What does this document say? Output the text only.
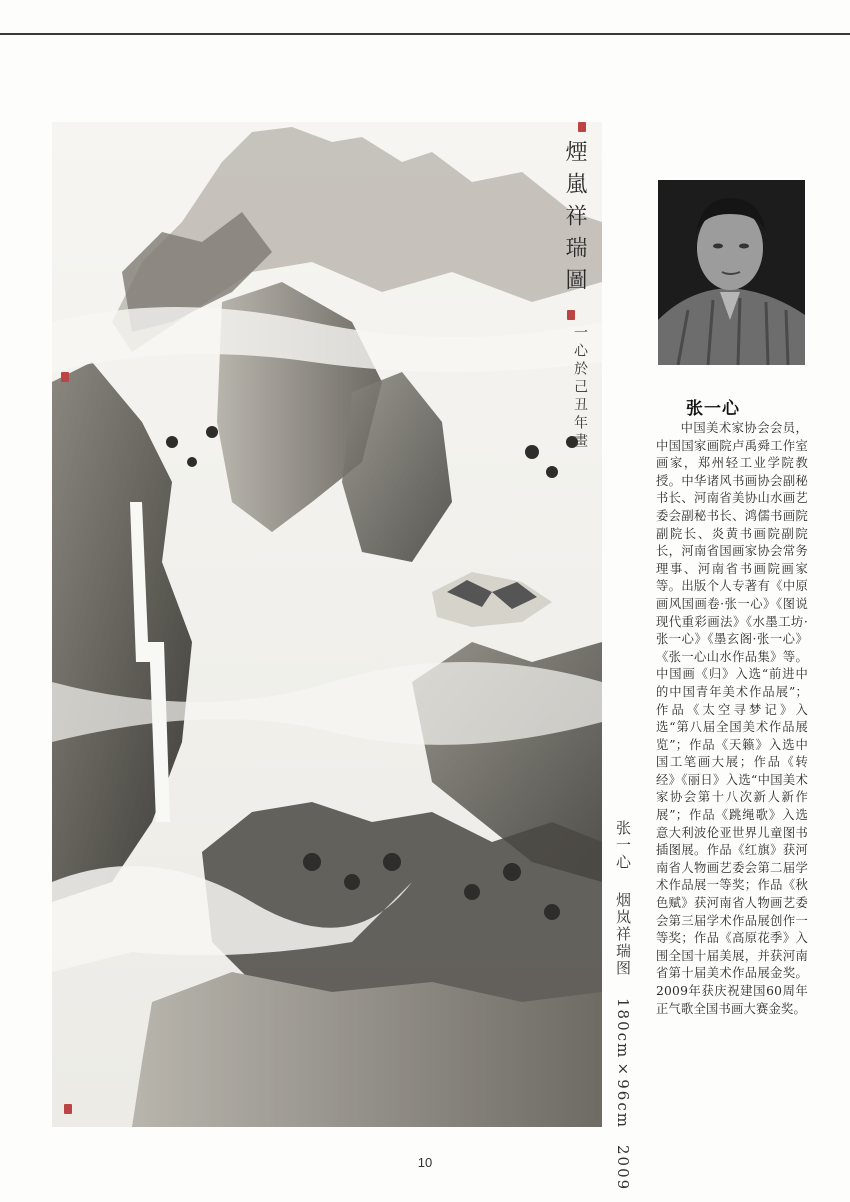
煙嵐祥瑞圖
一心於己丑年畫
张一心 烟岚祥瑞图 180cm×96cm 2009
张一心
中国美术家协会会员，中国国家画院卢禹舜工作室画家，郑州轻工业学院教授。中华诸风书画协会副秘书长、河南省美协山水画艺委会副秘书长、鸿儒书画院副院长、炎黄书画院副院长，河南省国画家协会常务理事、河南省书画院画家等。出版个人专著有《中原画风国画卷·张一心》《图说现代重彩画法》《水墨工坊·张一心》《墨玄阁·张一心》《张一心山水作品集》等。中国画《归》入选“前进中的中国青年美术作品展”；作品《太空寻梦记》入选“第八届全国美术作品展览”；作品《天籁》入选中国工笔画大展；作品《转经》《丽日》入选“中国美术家协会第十八次新人新作展”；作品《跳绳歌》入选意大利波伦亚世界儿童图书插图展。作品《红旗》获河南省人物画艺委会第二届学术作品展一等奖；作品《秋色赋》获河南省人物画艺委会第三届学术作品展创作一等奖；作品《高原花季》入围全国十届美展，并获河南省第十届美术作品展金奖。2009年获庆祝建国60周年正气歌全国书画大赛金奖。
10
